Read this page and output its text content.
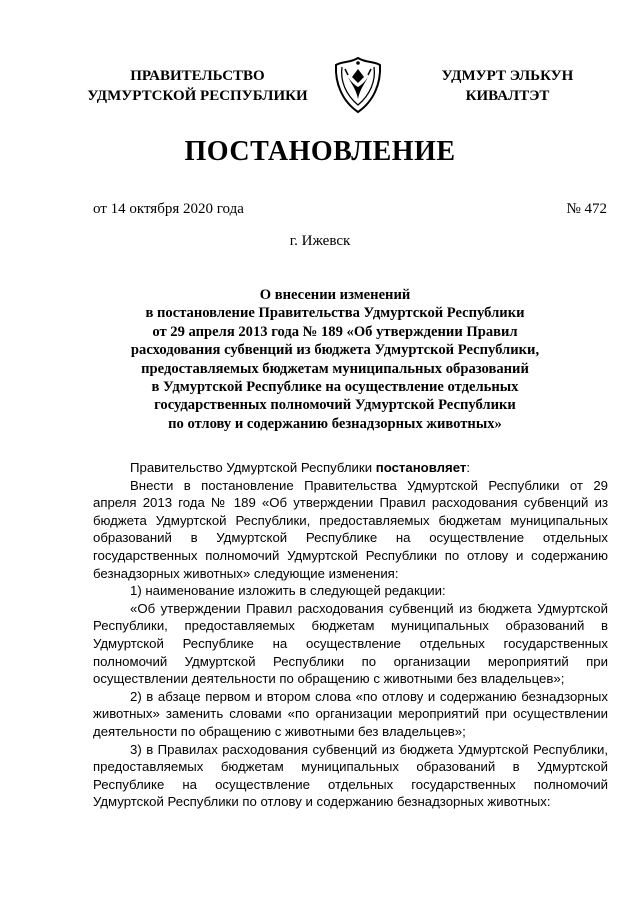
ПРАВИТЕЛЬСТВО
УДМУРТСКОЙ РЕСПУБЛИКИ
УДМУРТ ЭЛЬКУН
КИВАЛТЭТ
ПОСТАНОВЛЕНИЕ
от 14 октября 2020 года	№ 472
г. Ижевск
О внесении изменений
в постановление Правительства Удмуртской Республики
от 29 апреля 2013 года № 189 «Об утверждении Правил
расходования субвенций из бюджета Удмуртской Республики,
предоставляемых бюджетам муниципальных образований
в Удмуртской Республике на осуществление отдельных
государственных полномочий Удмуртской Республики
по отлову и содержанию безнадзорных животных»

Правительство Удмуртской Республики постановляет:

Внести в постановление Правительства Удмуртской Республики от 29 апреля 2013 года № 189 «Об утверждении Правил расходования субвенций из бюджета Удмуртской Республики, предоставляемых бюджетам муниципальных образований в Удмуртской Республике на осуществление отдельных государственных полномочий Удмуртской Республики по отлову и содержанию безнадзорных животных» следующие изменения:

1) наименование изложить в следующей редакции:

«Об утверждении Правил расходования субвенций из бюджета Удмуртской Республики, предоставляемых бюджетам муниципальных образований в Удмуртской Республике на осуществление отдельных государственных полномочий Удмуртской Республики по организации мероприятий при осуществлении деятельности по обращению с животными без владельцев»;

2) в абзаце первом и втором слова «по отлову и содержанию безнадзорных животных» заменить словами «по организации мероприятий при осуществлении деятельности по обращению с животными без владельцев»;

3) в Правилах расходования субвенций из бюджета Удмуртской Республики, предоставляемых бюджетам муниципальных образований в Удмуртской Республике на осуществление отдельных государственных полномочий Удмуртской Республики по отлову и содержанию безнадзорных животных:
